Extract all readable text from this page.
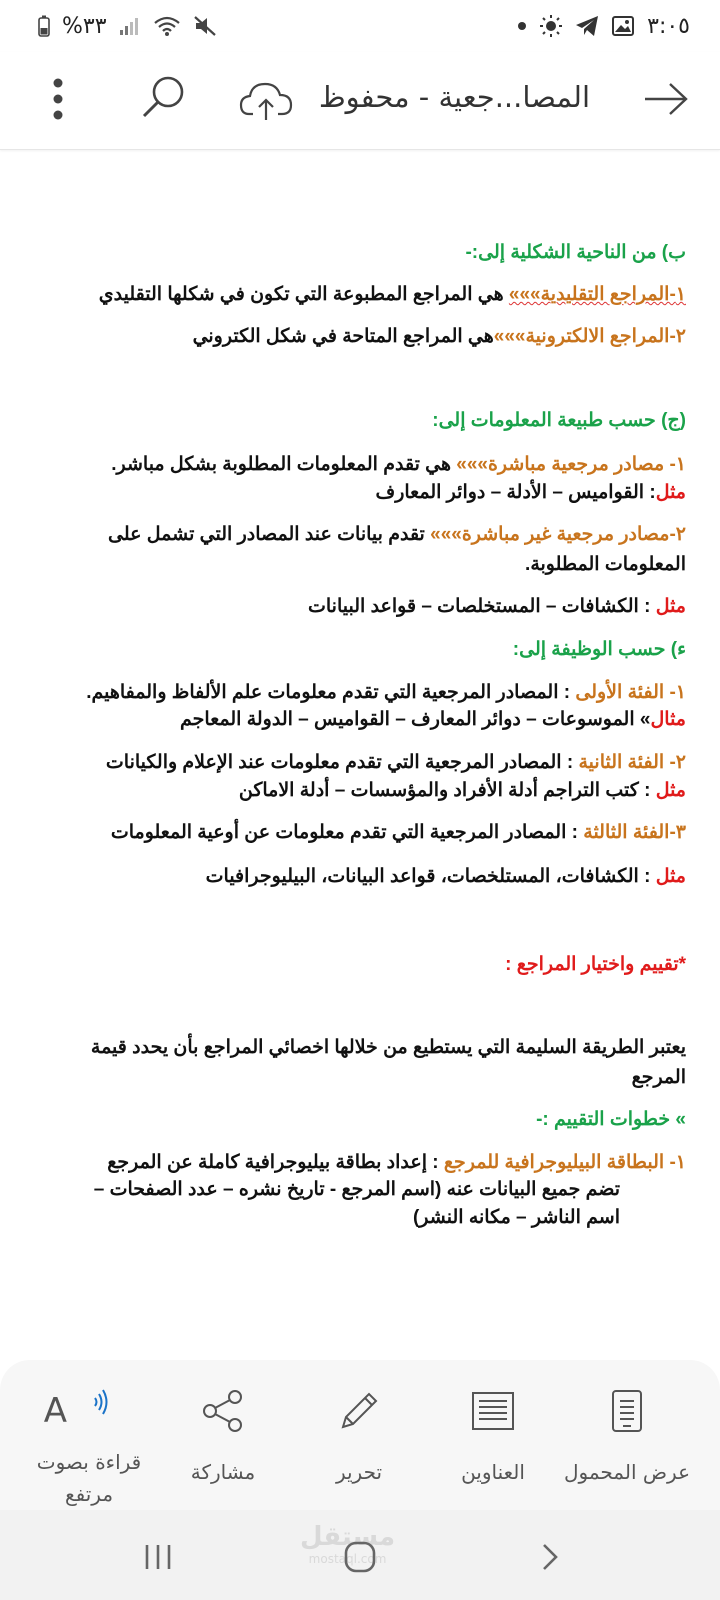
%٣٣	٣:٠٥
المصا...جعية - محفوظ
ب) من الناحية الشكلية إلى:-
١-المراجع التقليدية»»» هي المراجع المطبوعة التي تكون في شكلها التقليدي
٢-المراجع الالكترونية»»»هي المراجع المتاحة في شكل الكتروني
(ج) حسب طبيعة المعلومات إلى:
١- مصادر مرجعية مباشرة»»» هي تقدم المعلومات المطلوبة بشكل مباشر.
مثل: القواميس – الأدلة – دوائر المعارف
٢-مصادر مرجعية غير مباشرة»»» تقدم بيانات عند المصادر التي تشمل على
المعلومات المطلوبة.
مثل : الكشافات – المستخلصات – قواعد البيانات
ء) حسب الوظيفة إلى:
١- الفئة الأولى : المصادر المرجعية التي تقدم معلومات علم الألفاظ والمفاهيم.
مثال» الموسوعات – دوائر المعارف – القواميس – الدولة المعاجم
٢- الفئة الثانية : المصادر المرجعية التي تقدم معلومات عند الإعلام والكيانات
مثل : كتب التراجم أدلة الأفراد والمؤسسات – أدلة الاماكن
٣-الفئة الثالثة : المصادر المرجعية التي تقدم معلومات عن أوعية المعلومات
مثل : الكشافات، المستلخصات، قواعد البيانات، البيليوجرافيات
*تقييم واختيار المراجع :
يعتبر الطريقة السليمة التي يستطيع من خلالها اخصائي المراجع بأن يحدد قيمة
المرجع
» خطوات التقييم :-
١- البطاقة البيليوجرافية للمرجع : إعداد بطاقة بيليوجرافية كاملة عن المرجع
تضم جميع البيانات عنه (اسم المرجع - تاريخ نشره – عدد الصفحات –
اسم الناشر – مكانه النشر)
عرض المحمول
العناوين
تحرير
مشاركة
A
قراءة بصوت
مرتفع
مستقل
mostaql.com
